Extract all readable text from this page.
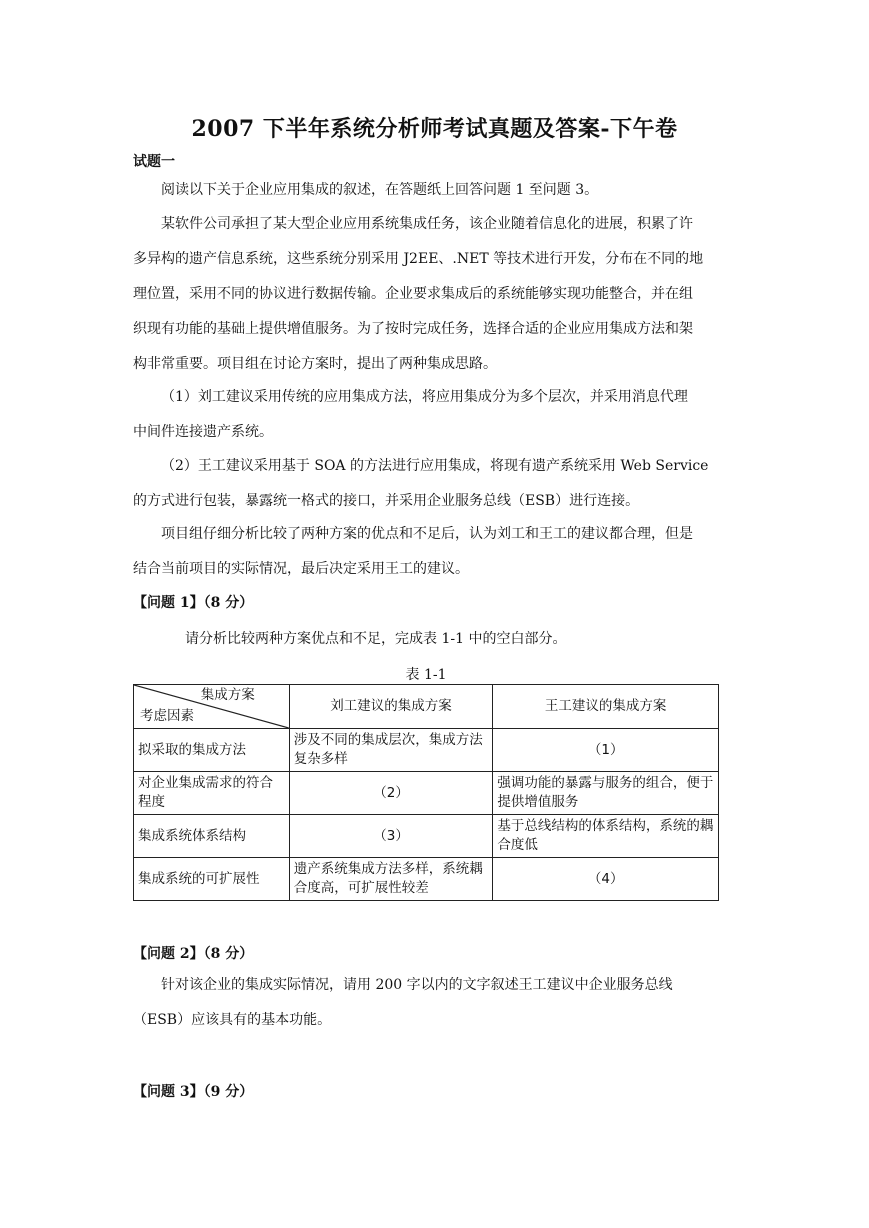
2007 下半年系统分析师考试真题及答案-下午卷
试题一
阅读以下关于企业应用集成的叙述，在答题纸上回答问题 1 至问题 3。
某软件公司承担了某大型企业应用系统集成任务，该企业随着信息化的进展，积累了许
多异构的遗产信息系统，这些系统分别采用 J2EE、.NET 等技术进行开发，分布在不同的地
理位置，采用不同的协议进行数据传输。企业要求集成后的系统能够实现功能整合，并在组
织现有功能的基础上提供增值服务。为了按时完成任务，选择合适的企业应用集成方法和架
构非常重要。项目组在讨论方案时，提出了两种集成思路。
（1）刘工建议采用传统的应用集成方法，将应用集成分为多个层次，并采用消息代理
中间件连接遗产系统。
（2）王工建议采用基于 SOA 的方法进行应用集成，将现有遗产系统采用 Web Service
的方式进行包装，暴露统一格式的接口，并采用企业服务总线（ESB）进行连接。
项目组仔细分析比较了两种方案的优点和不足后，认为刘工和王工的建议都合理，但是
结合当前项目的实际情况，最后决定采用王工的建议。
【问题 1】（8 分）
请分析比较两种方案优点和不足，完成表 1-1 中的空白部分。
表 1-1
集成方案
考虑因素	刘工建议的集成方案	王工建议的集成方案
拟采取的集成方法	涉及不同的集成层次，集成方法复杂多样	（1）
对企业集成需求的符合程度	（2）	强调功能的暴露与服务的组合，便于提供增值服务
集成系统体系结构	（3）	基于总线结构的体系结构，系统的耦合度低
集成系统的可扩展性	遗产系统集成方法多样，系统耦合度高，可扩展性较差	（4）
【问题 2】（8 分）
针对该企业的集成实际情况，请用 200 字以内的文字叙述王工建议中企业服务总线
（ESB）应该具有的基本功能。
【问题 3】（9 分）
